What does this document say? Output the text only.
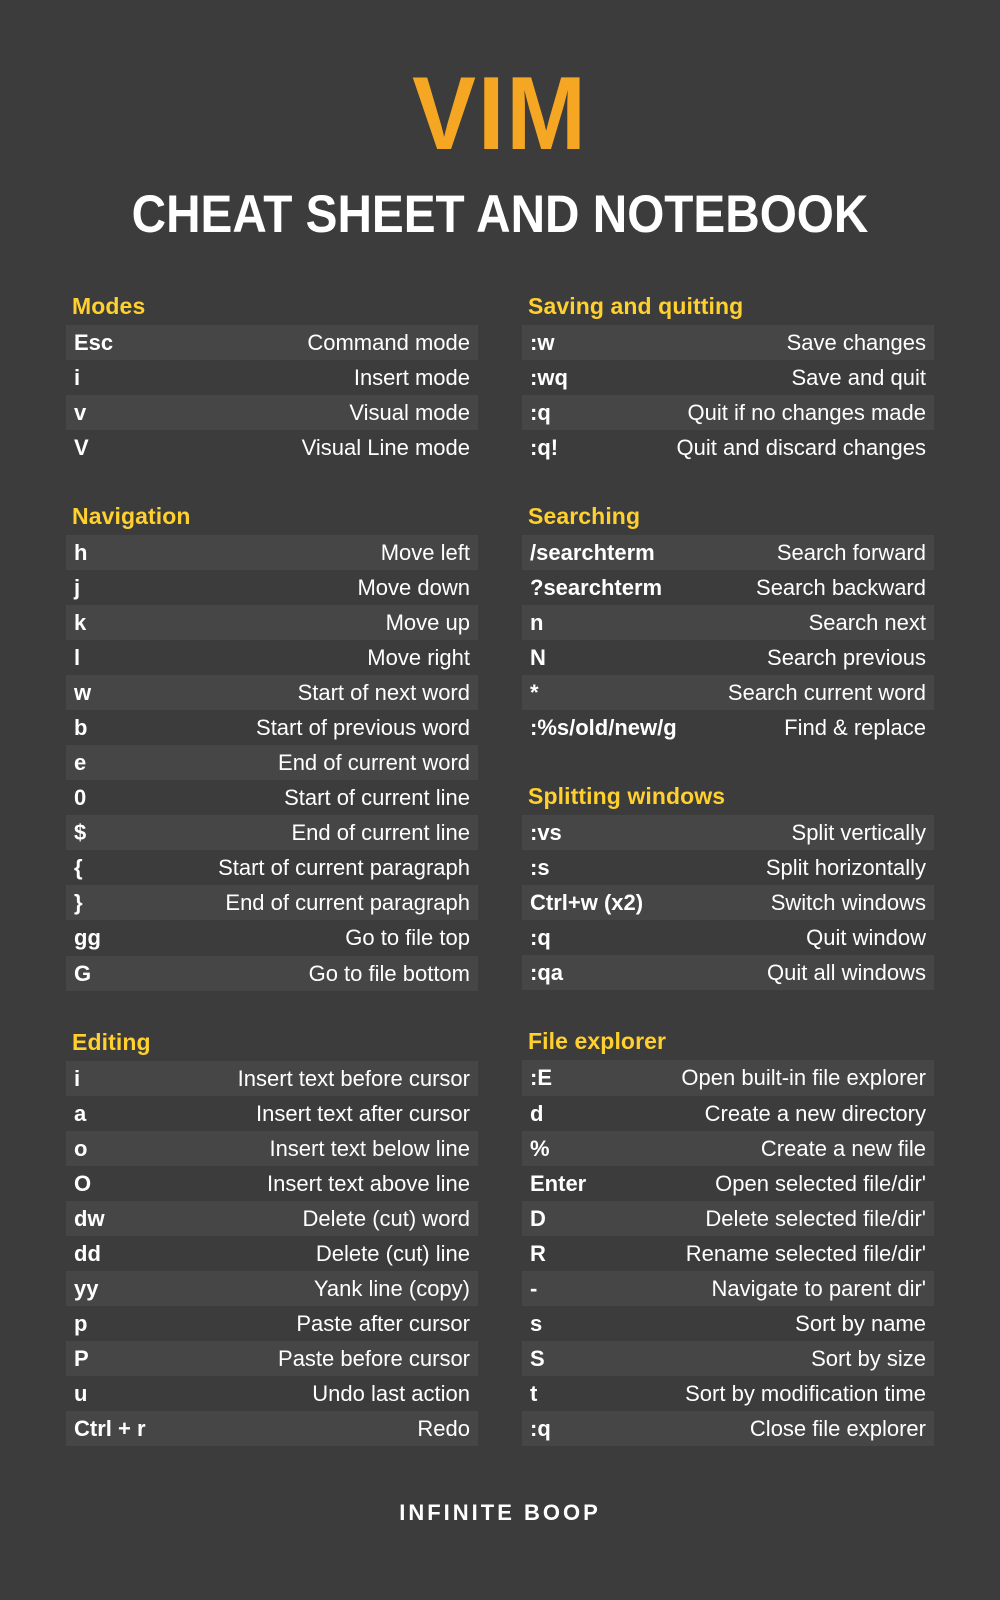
VIM
CHEAT SHEET AND NOTEBOOK
Modes
Esc	Command mode
i	Insert mode
v	Visual mode
V	Visual Line mode
Navigation
h	Move left
j	Move down
k	Move up
l	Move right
w	Start of next word
b	Start of previous word
e	End of current word
0	Start of current line
$	End of current line
{	Start of current paragraph
}	End of current paragraph
gg	Go to file top
G	Go to file bottom
Editing
i	Insert text before cursor
a	Insert text after cursor
o	Insert text below line
O	Insert text above line
dw	Delete (cut) word
dd	Delete (cut) line
yy	Yank line (copy)
p	Paste after cursor
P	Paste before cursor
u	Undo last action
Ctrl + r	Redo
Saving and quitting
:w	Save changes
:wq	Save and quit
:q	Quit if no changes made
:q!	Quit and discard changes
Searching
/searchterm	Search forward
?searchterm	Search backward
n	Search next
N	Search previous
*	Search current word
:%s/old/new/g	Find & replace
Splitting windows
:vs	Split vertically
:s	Split horizontally
Ctrl+w (x2)	Switch windows
:q	Quit window
:qa	Quit all windows
File explorer
:E	Open built-in file explorer
d	Create a new directory
%	Create a new file
Enter	Open selected file/dir'
D	Delete selected file/dir'
R	Rename selected file/dir'
-	Navigate to parent dir'
s	Sort by name
S	Sort by size
t	Sort by modification time
:q	Close file explorer
INFINITE BOOP
